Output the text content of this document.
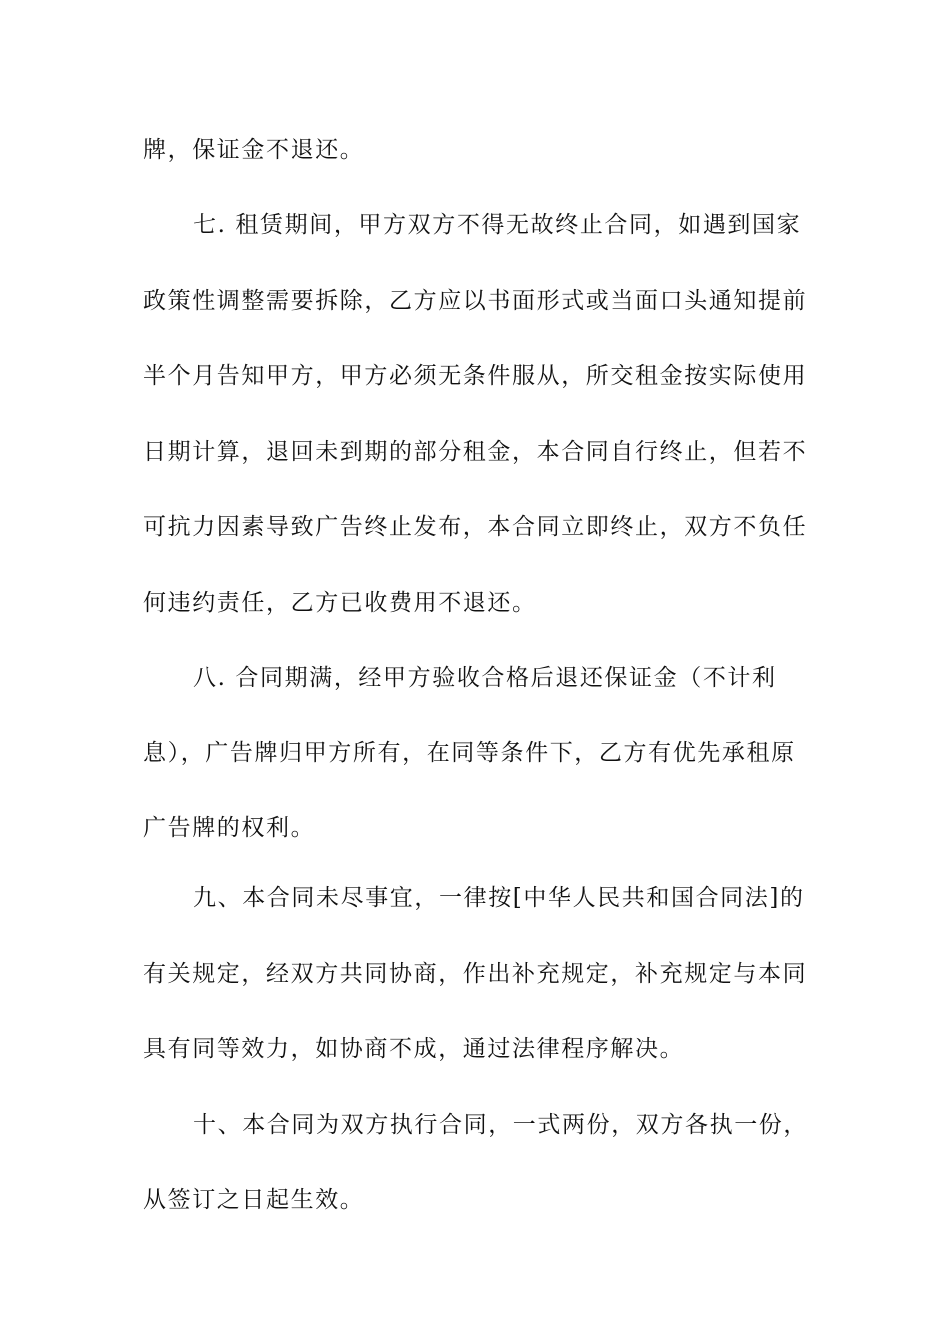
牌，保证金不退还。
七. 租赁期间，甲方双方不得无故终止合同，如遇到国家
政策性调整需要拆除，乙方应以书面形式或当面口头通知提前
半个月告知甲方，甲方必须无条件服从，所交租金按实际使用
日期计算，退回未到期的部分租金，本合同自行终止，但若不
可抗力因素导致广告终止发布，本合同立即终止，双方不负任
何违约责任，乙方已收费用不退还。
八. 合同期满，经甲方验收合格后退还保证金（不计利
息），广告牌归甲方所有，在同等条件下，乙方有优先承租原
广告牌的权利。
九、本合同未尽事宜，一律按[中华人民共和国合同法]的
有关规定，经双方共同协商，作出补充规定，补充规定与本同
具有同等效力，如协商不成，通过法律程序解决。
十、本合同为双方执行合同，一式两份，双方各执一份，
从签订之日起生效。
